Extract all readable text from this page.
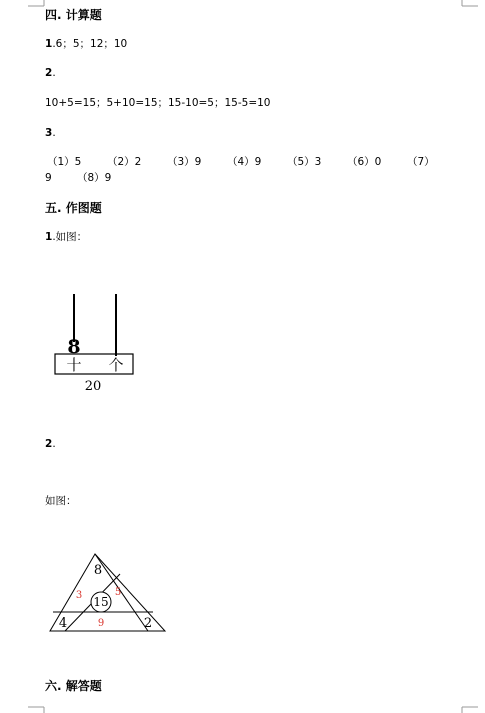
四. 计算题
1.6；5；12；10
2.
10+5=15；5+10=15；15-10=5；15-5=10
3.
（1）5 （2）2 （3）9 （4）9 （5）3 （6）0 （7）
9 （8）9
五. 作图题
1.如图：
8
十 个
20
2.
如图：
8
15
4	2
3	5
9
六. 解答题
